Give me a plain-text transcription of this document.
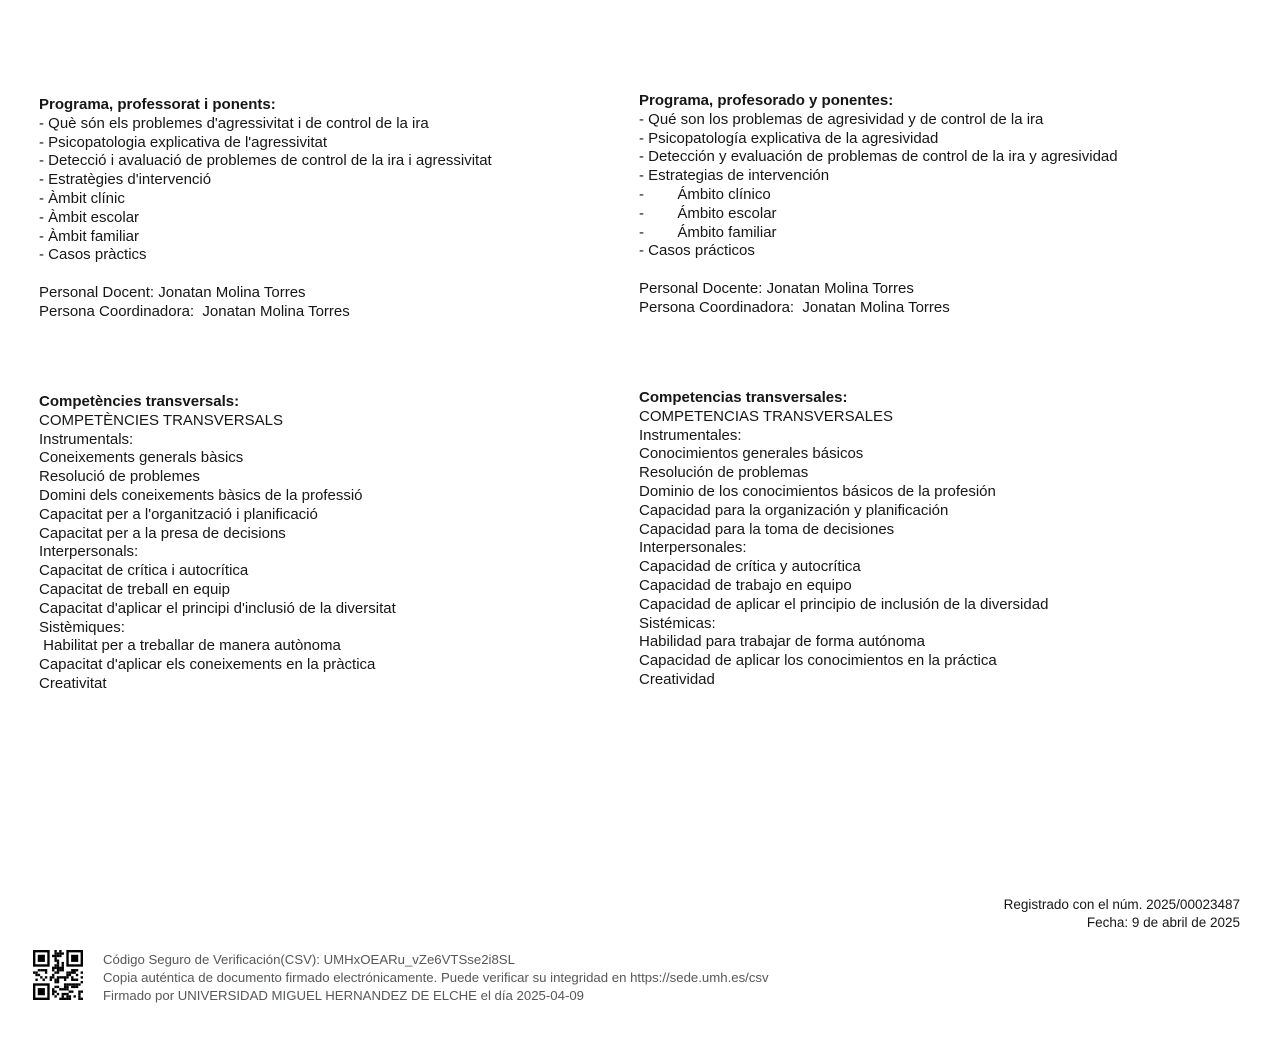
Programa, professorat i ponents:
- Què són els problemes d'agressivitat i de control de la ira
- Psicopatologia explicativa de l'agressivitat
- Detecció i avaluació de problemes de control de la ira i agressivitat
- Estratègies d'intervenció
- Àmbit clínic
- Àmbit escolar
- Àmbit familiar
- Casos pràctics
Personal Docent: Jonatan Molina Torres
Persona Coordinadora:  Jonatan Molina Torres
Competències transversals:
COMPETÈNCIES TRANSVERSALS
Instrumentals:
Coneixements generals bàsics
Resolució de problemes
Domini dels coneixements bàsics de la professió
Capacitat per a l'organització i planificació
Capacitat per a la presa de decisions
Interpersonals:
Capacitat de crítica i autocrítica
Capacitat de treball en equip
Capacitat d'aplicar el principi d'inclusió de la diversitat
Sistèmiques:
Habilitat per a treballar de manera autònoma
Capacitat d'aplicar els coneixements en la pràctica
Creativitat
Programa, profesorado y ponentes:
- Qué son los problemas de agresividad y de control de la ira
- Psicopatología explicativa de la agresividad
- Detección y evaluación de problemas de control de la ira y agresividad
- Estrategias de intervención
-        Ámbito clínico
-        Ámbito escolar
-        Ámbito familiar
- Casos prácticos
Personal Docente: Jonatan Molina Torres
Persona Coordinadora:  Jonatan Molina Torres
Competencias transversales:
COMPETENCIAS TRANSVERSALES
Instrumentales:
Conocimientos generales básicos
Resolución de problemas
Dominio de los conocimientos básicos de la profesión
Capacidad para la organización y planificación
Capacidad para la toma de decisiones
Interpersonales:
Capacidad de crítica y autocrítica
Capacidad de trabajo en equipo
Capacidad de aplicar el principio de inclusión de la diversidad
Sistémicas:
Habilidad para trabajar de forma autónoma
Capacidad de aplicar los conocimientos en la práctica
Creatividad
Registrado con el núm. 2025/00023487
Fecha: 9 de abril de 2025
Código Seguro de Verificación(CSV): UMHxOEARu_vZe6VTSse2i8SL
Copia auténtica de documento firmado electrónicamente. Puede verificar su integridad en https://sede.umh.es/csv
Firmado por UNIVERSIDAD MIGUEL HERNANDEZ DE ELCHE el día 2025-04-09
